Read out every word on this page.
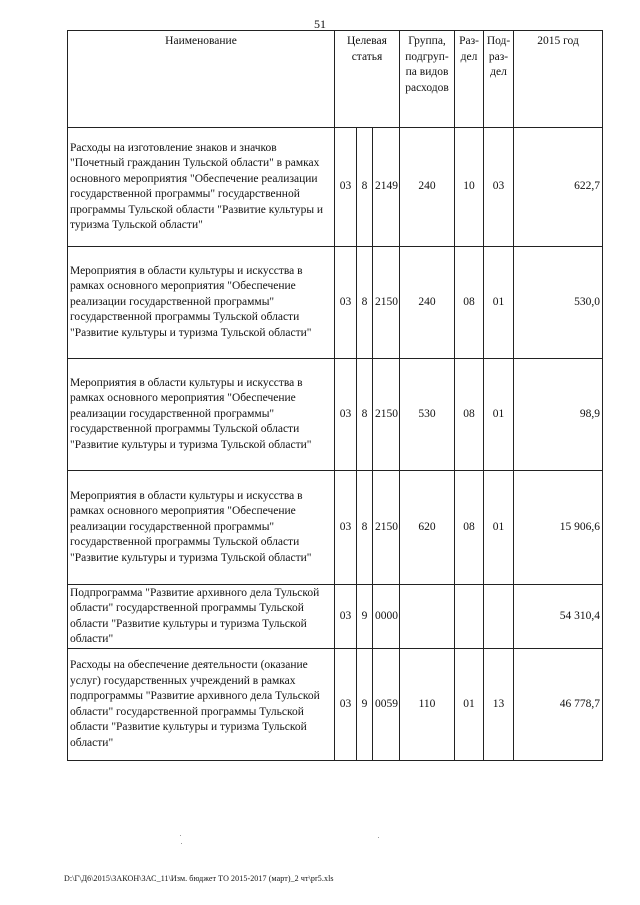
51
Наименование	Целевая статья			Группа, подгруп-па видов расходов	Раз-дел	Под-раз-дел	2015 год
Расходы на изготовление знаков и значков "Почетный гражданин Тульской области" в рамках основного мероприятия "Обеспечение реализации государственной программы" государственной программы Тульской области "Развитие культуры и туризма Тульской области"	03	8	2149	240	10	03	622,7
Мероприятия в области культуры и искусства в рамках основного мероприятия "Обеспечение реализации государственной программы" государственной программы Тульской области "Развитие культуры и туризма Тульской области"	03	8	2150	240	08	01	530,0
Мероприятия в области культуры и искусства в рамках основного мероприятия "Обеспечение реализации государственной программы" государственной программы Тульской области "Развитие культуры и туризма Тульской области"	03	8	2150	530	08	01	98,9
Мероприятия в области культуры и искусства в рамках основного мероприятия "Обеспечение реализации государственной программы" государственной программы Тульской области "Развитие культуры и туризма Тульской области"	03	8	2150	620	08	01	15 906,6
Подпрограмма "Развитие архивного дела Тульской области" государственной программы Тульской области "Развитие культуры и туризма Тульской области"	03	9	0000				54 310,4
Расходы на обеспечение деятельности (оказание услуг) государственных учреждений в рамках подпрограммы "Развитие архивного дела Тульской области" государственной программы Тульской области "Развитие культуры и туризма Тульской области"	03	9	0059	110	01	13	46 778,7
D:\Г\Д6\2015\ЗАКОН\ЗАС_11\Изм. бюджет ТО 2015-2017 (март)_2 чт\pr5.xls
